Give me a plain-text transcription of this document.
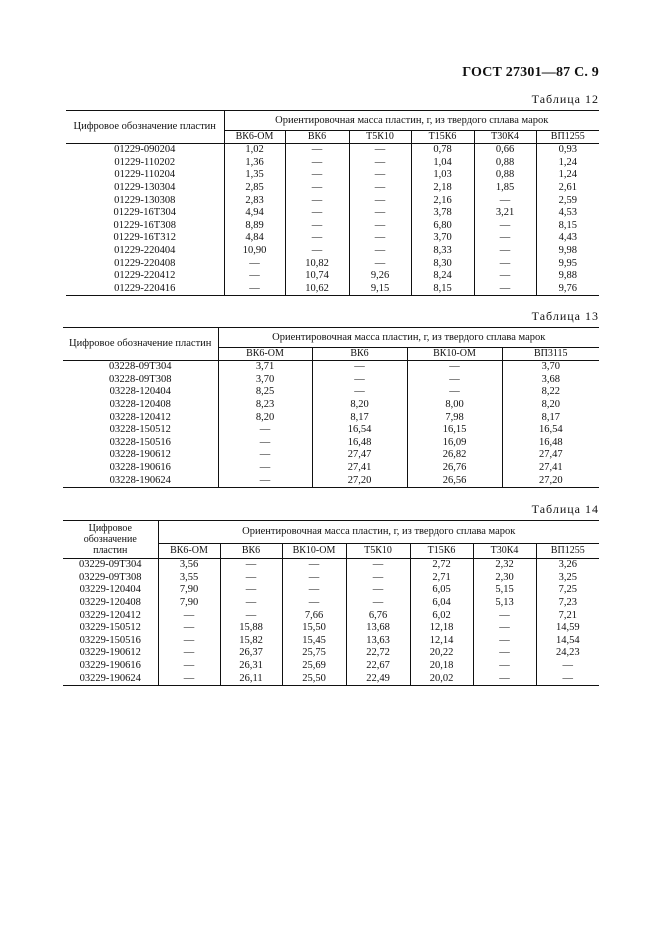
ГОСТ 27301—87 С. 9
Таблица 12
Цифровое обозначение пластин	Ориентировочная масса пластин, г, из твердого сплава марок					
	ВК6-ОМ	ВК6	Т5К10	Т15К6	Т30К4	ВП1255
01229-090204	1,02	—	—	0,78	0,66	0,93
01229-110202	1,36	—	—	1,04	0,88	1,24
01229-110204	1,35	—	—	1,03	0,88	1,24
01229-130304	2,85	—	—	2,18	1,85	2,61
01229-130308	2,83	—	—	2,16	—	2,59
01229-16Т304	4,94	—	—	3,78	3,21	4,53
01229-16Т308	8,89	—	—	6,80	—	8,15
01229-16Т312	4,84	—	—	3,70	—	4,43
01229-220404	10,90	—	—	8,33	—	9,98
01229-220408	—	10,82	—	8,30	—	9,95
01229-220412	—	10,74	9,26	8,24	—	9,88
01229-220416	—	10,62	9,15	8,15	—	9,76
Таблица 13
Цифровое обозначение пластин	Ориентировочная масса пластин, г, из твердого сплава марок			
	ВК6-ОМ	ВК6	ВК10-ОМ	ВП3115
03228-09Т304	3,71	—	—	3,70
03228-09Т308	3,70	—	—	3,68
03228-120404	8,25	—	—	8,22
03228-120408	8,23	8,20	8,00	8,20
03228-120412	8,20	8,17	7,98	8,17
03228-150512	—	16,54	16,15	16,54
03228-150516	—	16,48	16,09	16,48
03228-190612	—	27,47	26,82	27,47
03228-190616	—	27,41	26,76	27,41
03228-190624	—	27,20	26,56	27,20
Таблица 14
Цифровое обозначение пластин	Ориентировочная масса пластин, г, из твердого сплава марок						
	ВК6-ОМ	ВК6	ВК10-ОМ	Т5К10	Т15К6	Т30К4	ВП1255
03229-09Т304	3,56	—	—	—	2,72	2,32	3,26
03229-09Т308	3,55	—	—	—	2,71	2,30	3,25
03229-120404	7,90	—	—	—	6,05	5,15	7,25
03229-120408	7,90	—	—	—	6,04	5,13	7,23
03229-120412	—	—	7,66	6,76	6,02	—	7,21
03229-150512	—	15,88	15,50	13,68	12,18	—	14,59
03229-150516	—	15,82	15,45	13,63	12,14	—	14,54
03229-190612	—	26,37	25,75	22,72	20,22	—	24,23
03229-190616	—	26,31	25,69	22,67	20,18	—	—
03229-190624	—	26,11	25,50	22,49	20,02	—	—
